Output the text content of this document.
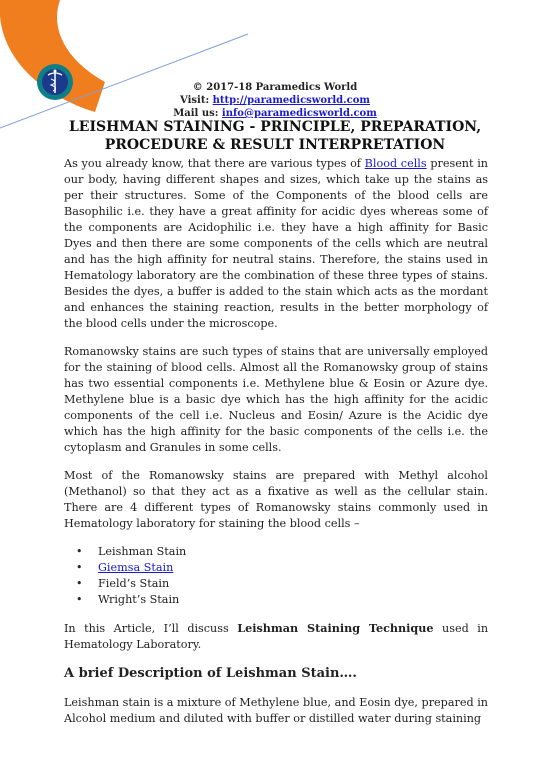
© 2017-18 Paramedics World
Visit: http://paramedicsworld.com
Mail us: info@paramedicsworld.com
LEISHMAN STAINING - PRINCIPLE, PREPARATION, PROCEDURE & RESULT INTERPRETATION

As you already know, that there are various types of Blood cells present in our body, having different shapes and sizes, which take up the stains as per their structures. Some of the Components of the blood cells are Basophilic i.e. they have a great affinity for acidic dyes whereas some of the components are Acidophilic i.e. they have a high affinity for Basic Dyes and then there are some components of the cells which are neutral and has the high affinity for neutral stains. Therefore, the stains used in Hematology laboratory are the combination of these three types of stains. Besides the dyes, a buffer is added to the stain which acts as the mordant and enhances the staining reaction, results in the better morphology of the blood cells under the microscope.

Romanowsky stains are such types of stains that are universally employed for the staining of blood cells. Almost all the Romanowsky group of stains has two essential components i.e. Methylene blue & Eosin or Azure dye. Methylene blue is a basic dye which has the high affinity for the acidic components of the cell i.e. Nucleus and Eosin/ Azure is the Acidic dye which has the high affinity for the basic components of the cells i.e. the cytoplasm and Granules in some cells.

Most of the Romanowsky stains are prepared with Methyl alcohol (Methanol) so that they act as a fixative as well as the cellular stain. There are 4 different types of Romanowsky stains commonly used in Hematology laboratory for staining the blood cells –

• Leishman Stain
• Giemsa Stain
• Field’s Stain
• Wright’s Stain

In this Article, I’ll discuss Leishman Staining Technique used in Hematology Laboratory.

A brief Description of Leishman Stain….

Leishman stain is a mixture of Methylene blue, and Eosin dye, prepared in Alcohol medium and diluted with buffer or distilled water during staining
